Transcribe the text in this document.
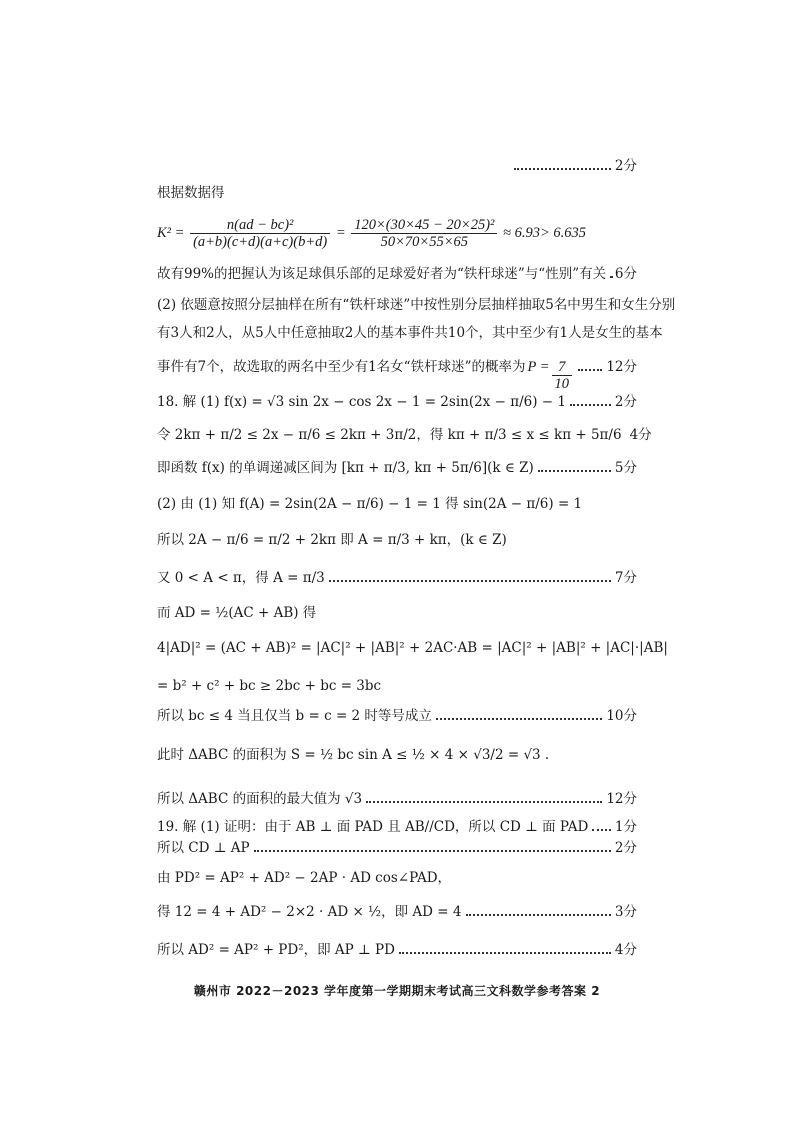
2分
根据数据得
$K^2 = \frac{\text{n(ad − bc)²}}{(a+b)(c+d)(a+c)(b+d)} = \frac{\text{120×(30×45 − 20×25)²}}{50\times 70\times 55\times 65} \approx 6.93> 6.635$
故有99%的把握认为该足球俱乐部的足球爱好者为“铁杆球迷”与“性别”有关 6分
(2) 依题意按照分层抽样在所有“铁杆球迷”中按性别分层抽样抽取5名中男生和女生分别
有3人和2人，从5人中任意抽取2人的基本事件共10个，其中至少有1人是女生的基本
事件有7个，故选取的两名中至少有1名女“铁杆球迷”的概率为 $P = \frac{7}{10}$	12分
18. 解 (1) f(x) = √3 sin 2x − cos 2x − 1 = 2sin(2x − π/6) − 1	2分
令 2kπ + π/2 ≤ 2x − π/6 ≤ 2kπ + 3π/2，得 kπ + π/3 ≤ x ≤ kπ + 5π/6 4分
即函数 f(x) 的单调递减区间为 [kπ + π/3, kπ + 5π/6](k ∈ Z)	5分
(2) 由 (1) 知 f(A) = 2sin(2A − π/6) − 1 = 1 得 sin(2A − π/6) = 1
所以 2A − π/6 = π/2 + 2kπ 即 A = π/3 + kπ，(k ∈ Z)
又 0 < A < π，得 A = π/3	7分
而 AD = ½(AC + AB) 得
4|AD|² = (AC + AB)² = |AC|² + |AB|² + 2AC·AB = |AC|² + |AB|² + |AC|·|AB|
= b² + c² + bc ≥ 2bc + bc = 3bc
所以 bc ≤ 4 当且仅当 b = c = 2 时等号成立	10分
此时 ΔABC 的面积为 S = ½ bc sin A ≤ ½ × 4 × √3/2 = √3 .
所以 ΔABC 的面积的最大值为 √3	12分
19. 解 (1) 证明：由于 AB ⊥ 面 PAD 且 AB//CD，所以 CD ⊥ 面 PAD 1分
所以 CD ⊥ AP	2分
由 PD² = AP² + AD² − 2AP · AD cos∠PAD，
得 12 = 4 + AD² − 2×2 · AD × ½，即 AD = 4	3分
所以 AD² = AP² + PD²，即 AP ⊥ PD	4分
赣州市 2022－2023 学年度第一学期期末考试高三文科数学参考答案 2
